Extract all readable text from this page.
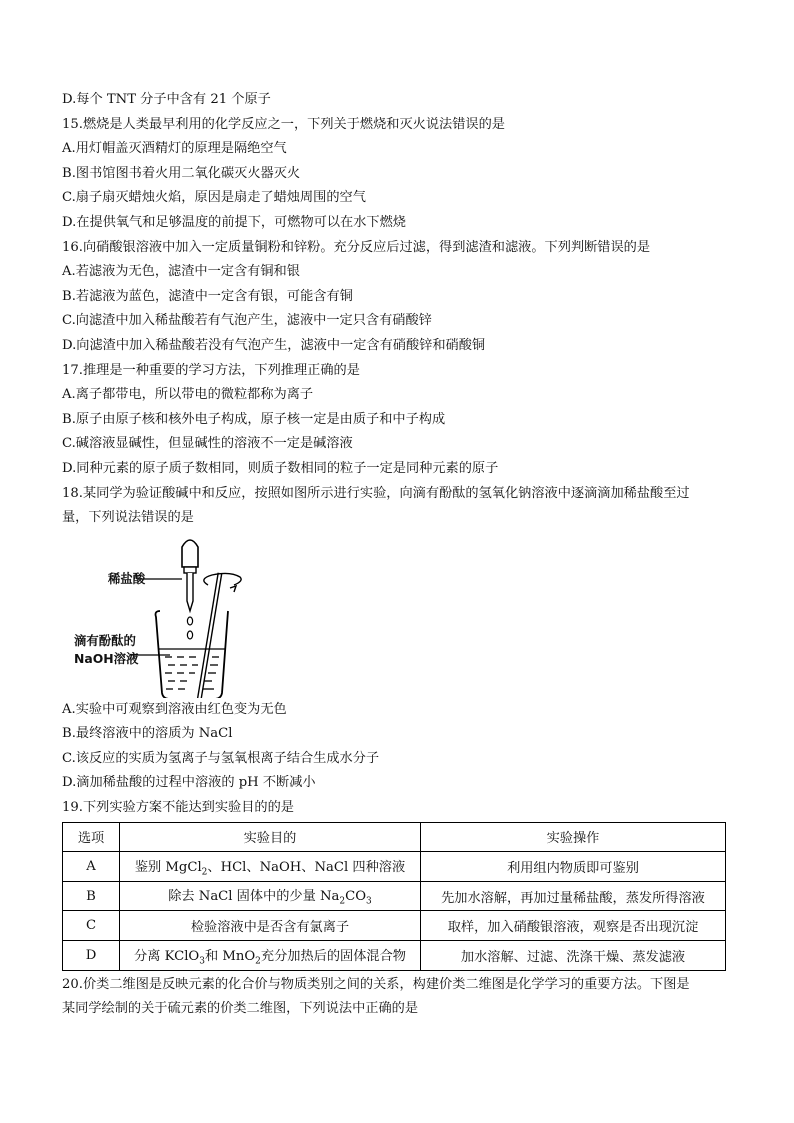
D.每个 TNT 分子中含有 21 个原子
15.燃烧是人类最早利用的化学反应之一，下列关于燃烧和灭火说法错误的是
A.用灯帽盖灭酒精灯的原理是隔绝空气
B.图书馆图书着火用二氧化碳灭火器灭火
C.扇子扇灭蜡烛火焰，原因是扇走了蜡烛周围的空气
D.在提供氧气和足够温度的前提下，可燃物可以在水下燃烧
16.向硝酸银溶液中加入一定质量铜粉和锌粉。充分反应后过滤，得到滤渣和滤液。下列判断错误的是
A.若滤液为无色，滤渣中一定含有铜和银
B.若滤液为蓝色，滤渣中一定含有银，可能含有铜
C.向滤渣中加入稀盐酸若有气泡产生，滤液中一定只含有硝酸锌
D.向滤渣中加入稀盐酸若没有气泡产生，滤液中一定含有硝酸锌和硝酸铜
17.推理是一种重要的学习方法，下列推理正确的是
A.离子都带电，所以带电的微粒都称为离子
B.原子由原子核和核外电子构成，原子核一定是由质子和中子构成
C.碱溶液显碱性，但显碱性的溶液不一定是碱溶液
D.同种元素的原子质子数相同，则质子数相同的粒子一定是同种元素的原子
18.某同学为验证酸碱中和反应，按照如图所示进行实验，向滴有酚酞的氢氧化钠溶液中逐滴滴加稀盐酸至过
量，下列说法错误的是
稀盐酸
滴有酚酞的
NaOH溶液
A.实验中可观察到溶液由红色变为无色
B.最终溶液中的溶质为 NaCl
C.该反应的实质为氢离子与氢氧根离子结合生成水分子
D.滴加稀盐酸的过程中溶液的 pH 不断减小
19.下列实验方案不能达到实验目的的是
选项	实验目的	实验操作
A	鉴别 MgCl$_2$、HCl、NaOH、NaCl 四种溶液	利用组内物质即可鉴别
B	除去 NaCl 固体中的少量 $Na_2CO_3$	先加水溶解，再加过量稀盐酸，蒸发所得溶液
C	检验溶液中是否含有氯离子	取样，加入硝酸银溶液，观察是否出现沉淀
D	分离 KClO$_3$和 MnO$_2$充分加热后的固体混合物	加水溶解、过滤、洗涤干燥、蒸发滤液
20.价类二维图是反映元素的化合价与物质类别之间的关系，构建价类二维图是化学学习的重要方法。下图是
某同学绘制的关于硫元素的价类二维图，下列说法中正确的是
